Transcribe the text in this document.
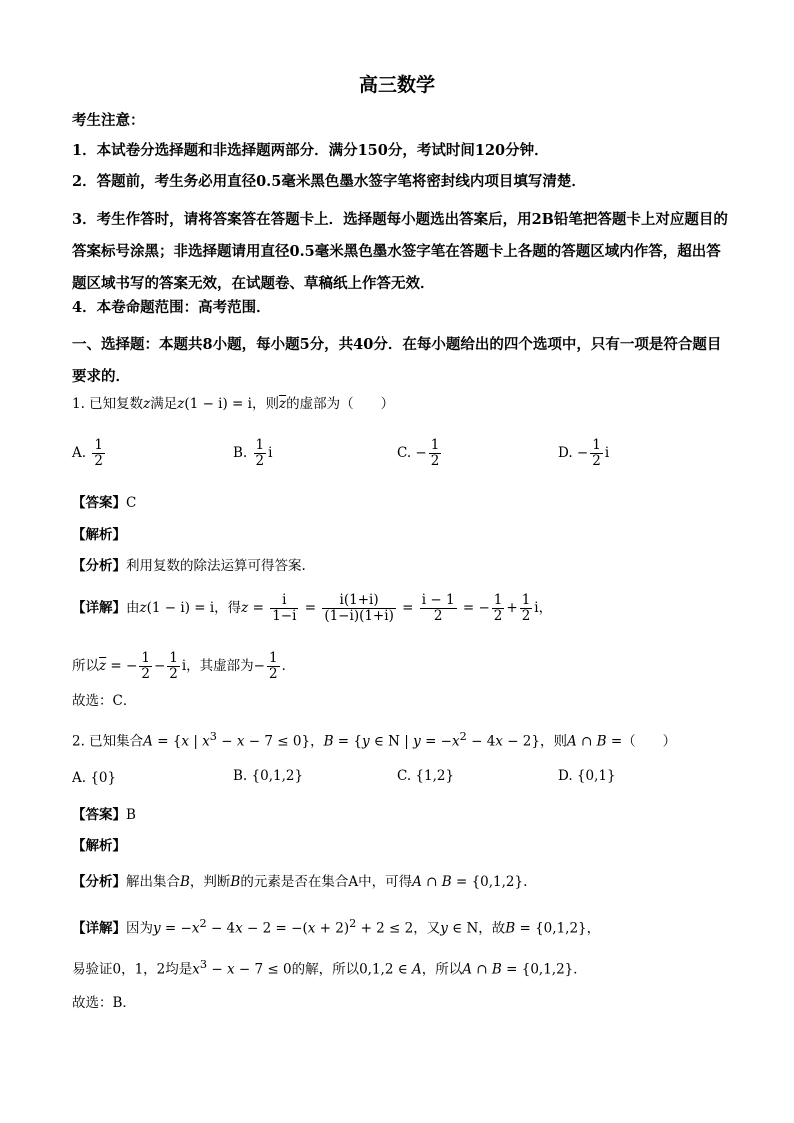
高三数学
考生注意：
1．本试卷分选择题和非选择题两部分．满分150分，考试时间120分钟．
2．答题前，考生务必用直径0.5毫米黑色墨水签字笔将密封线内项目填写清楚．
3．考生作答时，请将答案答在答题卡上．选择题每小题选出答案后，用2B铅笔把答题卡上对应题目的答案标号涂黑；非选择题请用直径0.5毫米黑色墨水签字笔在答题卡上各题的答题区域内作答，超出答题区域书写的答案无效，在试题卷、草稿纸上作答无效．
4．本卷命题范围：高考范围．
一、选择题：本题共8小题，每小题5分，共40分．在每小题给出的四个选项中，只有一项是符合题目要求的．
1. 已知复数z满足z(1 − i) = i，则$\overline{z}$的虚部为（　　）
A. $\frac{1}{2}$	B. $\frac{1}{2}$ i	C. − $\frac{1}{2}$	D. − $\frac{1}{2}$ i
【答案】C
【解析】
【分析】利用复数的除法运算可得答案.
【详解】由z(1 − i) = i，得$z = \frac{i}{1-i} = \frac{i(1+i)}{(1-i)(1+i)} = \frac{i - 1}{2}$ = − $\frac{1}{2} + \frac{1}{2}$ i，
所以$\overline{z}$ = − $\frac{1}{2} - \frac{1}{2}$ i，其虚部为− $\frac{1}{2}$ ．
故选：C．
2. 已知集合A = {x | $x^3 - x - 7 \le 0$}，B = {y ∈ N | $y = -x^2 - 4x - 2$}，则A ∩ B =（　　）
A. {0}	B. {0,1,2}	C. {1,2}	D. {0,1}
【答案】B
【解析】
【分析】解出集合B，判断B的元素是否在集合A中，可得A ∩ B = {0,1,2}.
【详解】因为$y = -x^2 - 4x - 2 = -(x + 2)^2 + 2 \le 2$，又y ∈ N，故B = {0,1,2}，
易验证0，1，2均是$x^3 - x - 7 \le 0$的解，所以0,1,2 ∈ A，所以A ∩ B = {0,1,2}．
故选：B．
